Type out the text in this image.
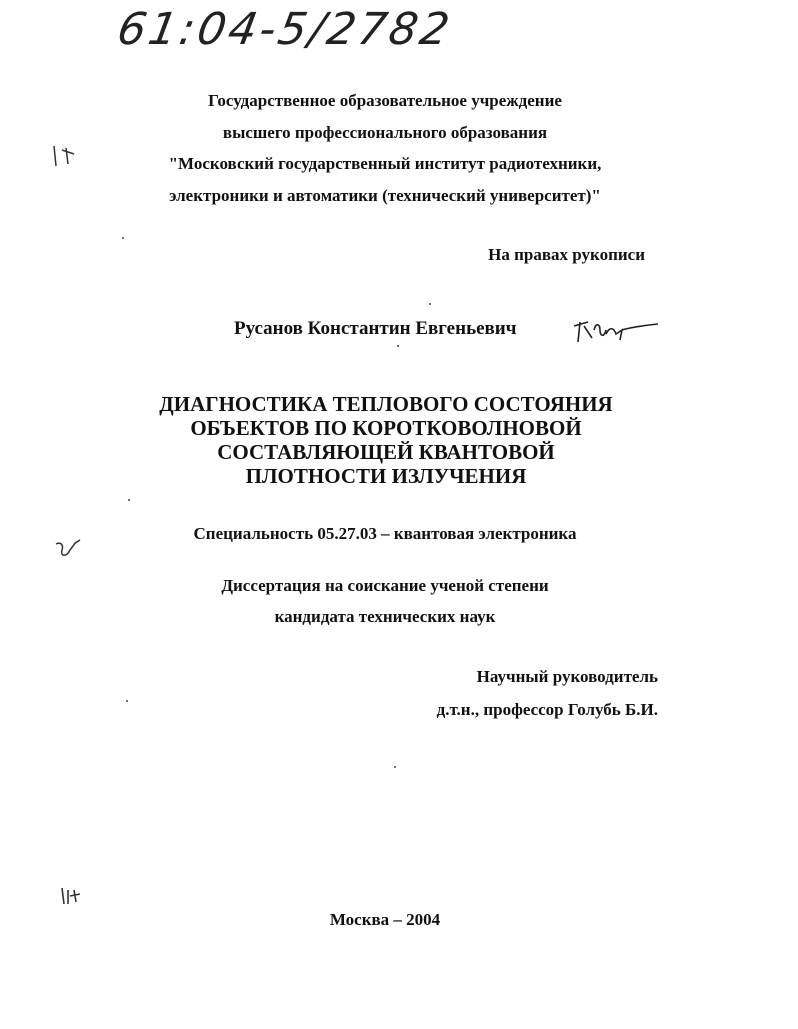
61:04-5/2782
Государственное образовательное учреждение
высшего профессионального образования
"Московский государственный институт радиотехники,
электроники и автоматики (технический университет)"
На правах рукописи
Русанов Константин Евгеньевич
ДИАГНОСТИКА ТЕПЛОВОГО СОСТОЯНИЯ
ОБЪЕКТОВ ПО КОРОТКОВОЛНОВОЙ
СОСТАВЛЯЮЩЕЙ КВАНТОВОЙ
ПЛОТНОСТИ ИЗЛУЧЕНИЯ
Специальность 05.27.03 – квантовая электроника
Диссертация на соискание ученой степени
кандидата технических наук
Научный руководитель
д.т.н., профессор Голубь Б.И.
Москва – 2004
